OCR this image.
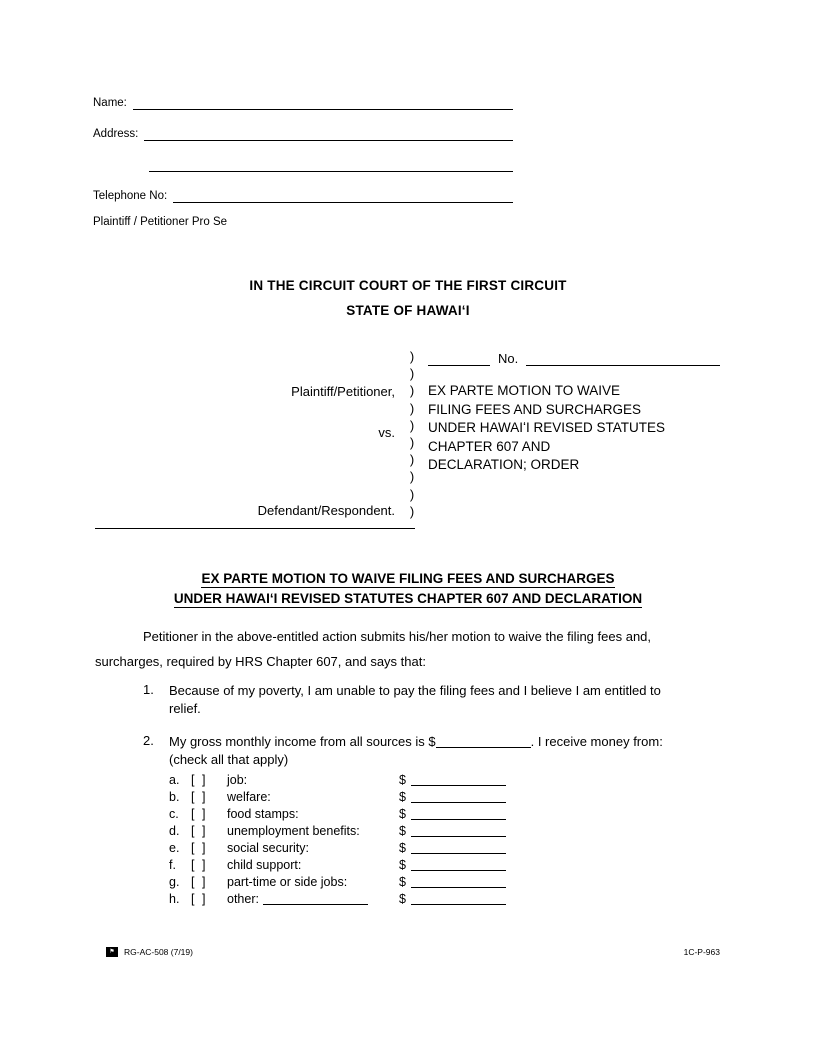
Name:
Address:
Telephone No:
Plaintiff / Petitioner Pro Se
IN THE CIRCUIT COURT OF THE FIRST CIRCUIT
STATE OF HAWAIʻI
Plaintiff/Petitioner,
vs.
Defendant/Respondent.
)
)
)
)
)
)
)
)
)
)
No.
EX PARTE MOTION TO WAIVE
FILING FEES AND SURCHARGES
UNDER HAWAIʻI REVISED STATUTES
CHAPTER 607 AND
DECLARATION; ORDER
EX PARTE MOTION TO WAIVE FILING FEES AND SURCHARGES
UNDER HAWAIʻI REVISED STATUTES CHAPTER 607 AND DECLARATION
Petitioner in the above-entitled action submits his/her motion to waive the filing fees and,
surcharges, required by HRS Chapter 607, and says that:
1.	Because of my poverty, I am unable to pay the filing fees and I believe I am entitled to
relief.
2.	My gross monthly income from all sources is $	. I receive money from:
(check all that apply)
a. [ ]	job:	$
b. [ ]	welfare:	$
c. [ ]	food stamps:	$
d. [ ]	unemployment benefits:	$
e. [ ]	social security:	$
f.	[ ]	child support:	$
g. [ ]	part-time or side jobs:	$
h. [ ]	other:	$
⚑	RG-AC-508 (7/19)	1C-P-963
